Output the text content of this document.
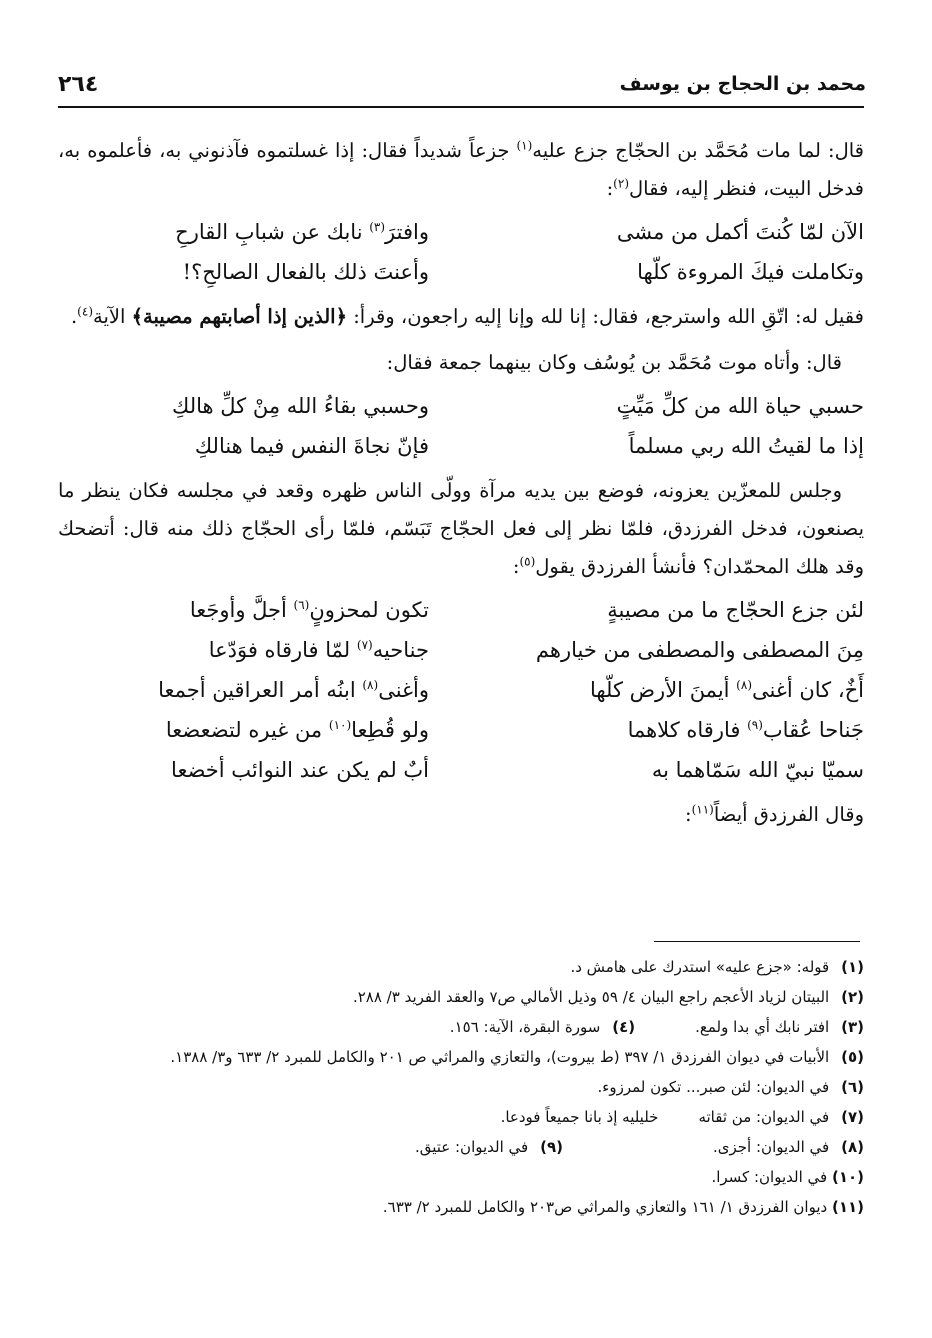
٢٦٤	محمد بن الحجاج بن يوسف

قال: لما مات مُحَمَّد بن الحجّاج جزع عليه$^{(١)}$ جزعاً شديداً فقال: إذا غسلتموه فآذنوني به، فأعلموه به، فدخل البيت، فنظر إليه، فقال$^{(٢)}$:

الآن لمّا كُنتَ أكمل من مشى
وافترَ$^{(٣)}$ نابك عن شبابِ القارحِ
وتكاملت فيكَ المروءة كلّها
وأعنتَ ذلك بالفعال الصالحِ؟!

فقيل له: اتّقِ الله واسترجع، فقال: إنا لله وإنا إليه راجعون، وقرأ: ﴿الذين إذا أصابتهم مصيبة﴾ الآية$^{(٤)}$.

قال: وأتاه موت مُحَمَّد بن يُوسُف وكان بينهما جمعة فقال:

حسبي حياة الله من كلِّ مَيِّتٍ
وحسبي بقاءُ الله مِنْ كلِّ هالكِ
إذا ما لقيتُ الله ربي مسلماً
فإنّ نجاةَ النفس فيما هنالكِ

وجلس للمعزّين يعزونه، فوضع بين يديه مرآة وولّى الناس ظهره وقعد في مجلسه فكان ينظر ما يصنعون، فدخل الفرزدق، فلمّا نظر إلى فعل الحجّاج تَبَسّم، فلمّا رأى الحجّاج ذلك منه قال: أتضحك وقد هلك المحمّدان؟ فأنشأ الفرزدق يقول$^{(٥)}$:

لئن جزع الحجّاج ما من مصيبةٍ
تكون لمحزونٍ$^{(٦)}$ أجلَّ وأوجَعا
مِنَ المصطفى والمصطفى من خيارهم
جناحيه$^{(٧)}$ لمّا فارقاه فوَدّعا
أَخٌ، كان أغنى$^{(٨)}$ أيمنَ الأرض كلّها
وأغنى$^{(٨)}$ ابنُه أمر العراقين أجمعا
جَناحا عُقاب$^{(٩)}$ فارقاه كلاهما
ولو قُطِعا$^{(١٠)}$ من غيره لتضعضعا
سميّا نبيّ الله سَمّاهما به
أبٌ لم يكن عند النوائب أخضعا

وقال الفرزدق أيضاً$^{(١١)}$:

(١) قوله: «جزع عليه» استدرك على هامش د.

(٢) البيتان لزياد الأعجم راجع البيان ٤/ ٥٩ وذيل الأمالي ص٧ والعقد الفريد ٣/ ٢٨٨.

(٣) افتر نابك أي بدا ولمع.(٤) سورة البقرة، الآية: ١٥٦.

(٥) الأبيات في ديوان الفرزدق ١/ ٣٩٧ (ط بيروت)، والتعازي والمراثي ص ٢٠١ والكامل للمبرد ٢/ ٦٣٣ و٣/ ١٣٨٨.

(٦) في الديوان: لئن صبر... تكون لمرزوء.

(٧) في الديوان: من ثقاتهخليليه إذ بانا جميعاً فودعا.

(٨) في الديوان: أجزى.(٩) في الديوان: عتيق.

(١٠) في الديوان: كسرا.

(١١) ديوان الفرزدق ١/ ١٦١ والتعازي والمراثي ص٢٠٣ والكامل للمبرد ٢/ ٦٣٣.
